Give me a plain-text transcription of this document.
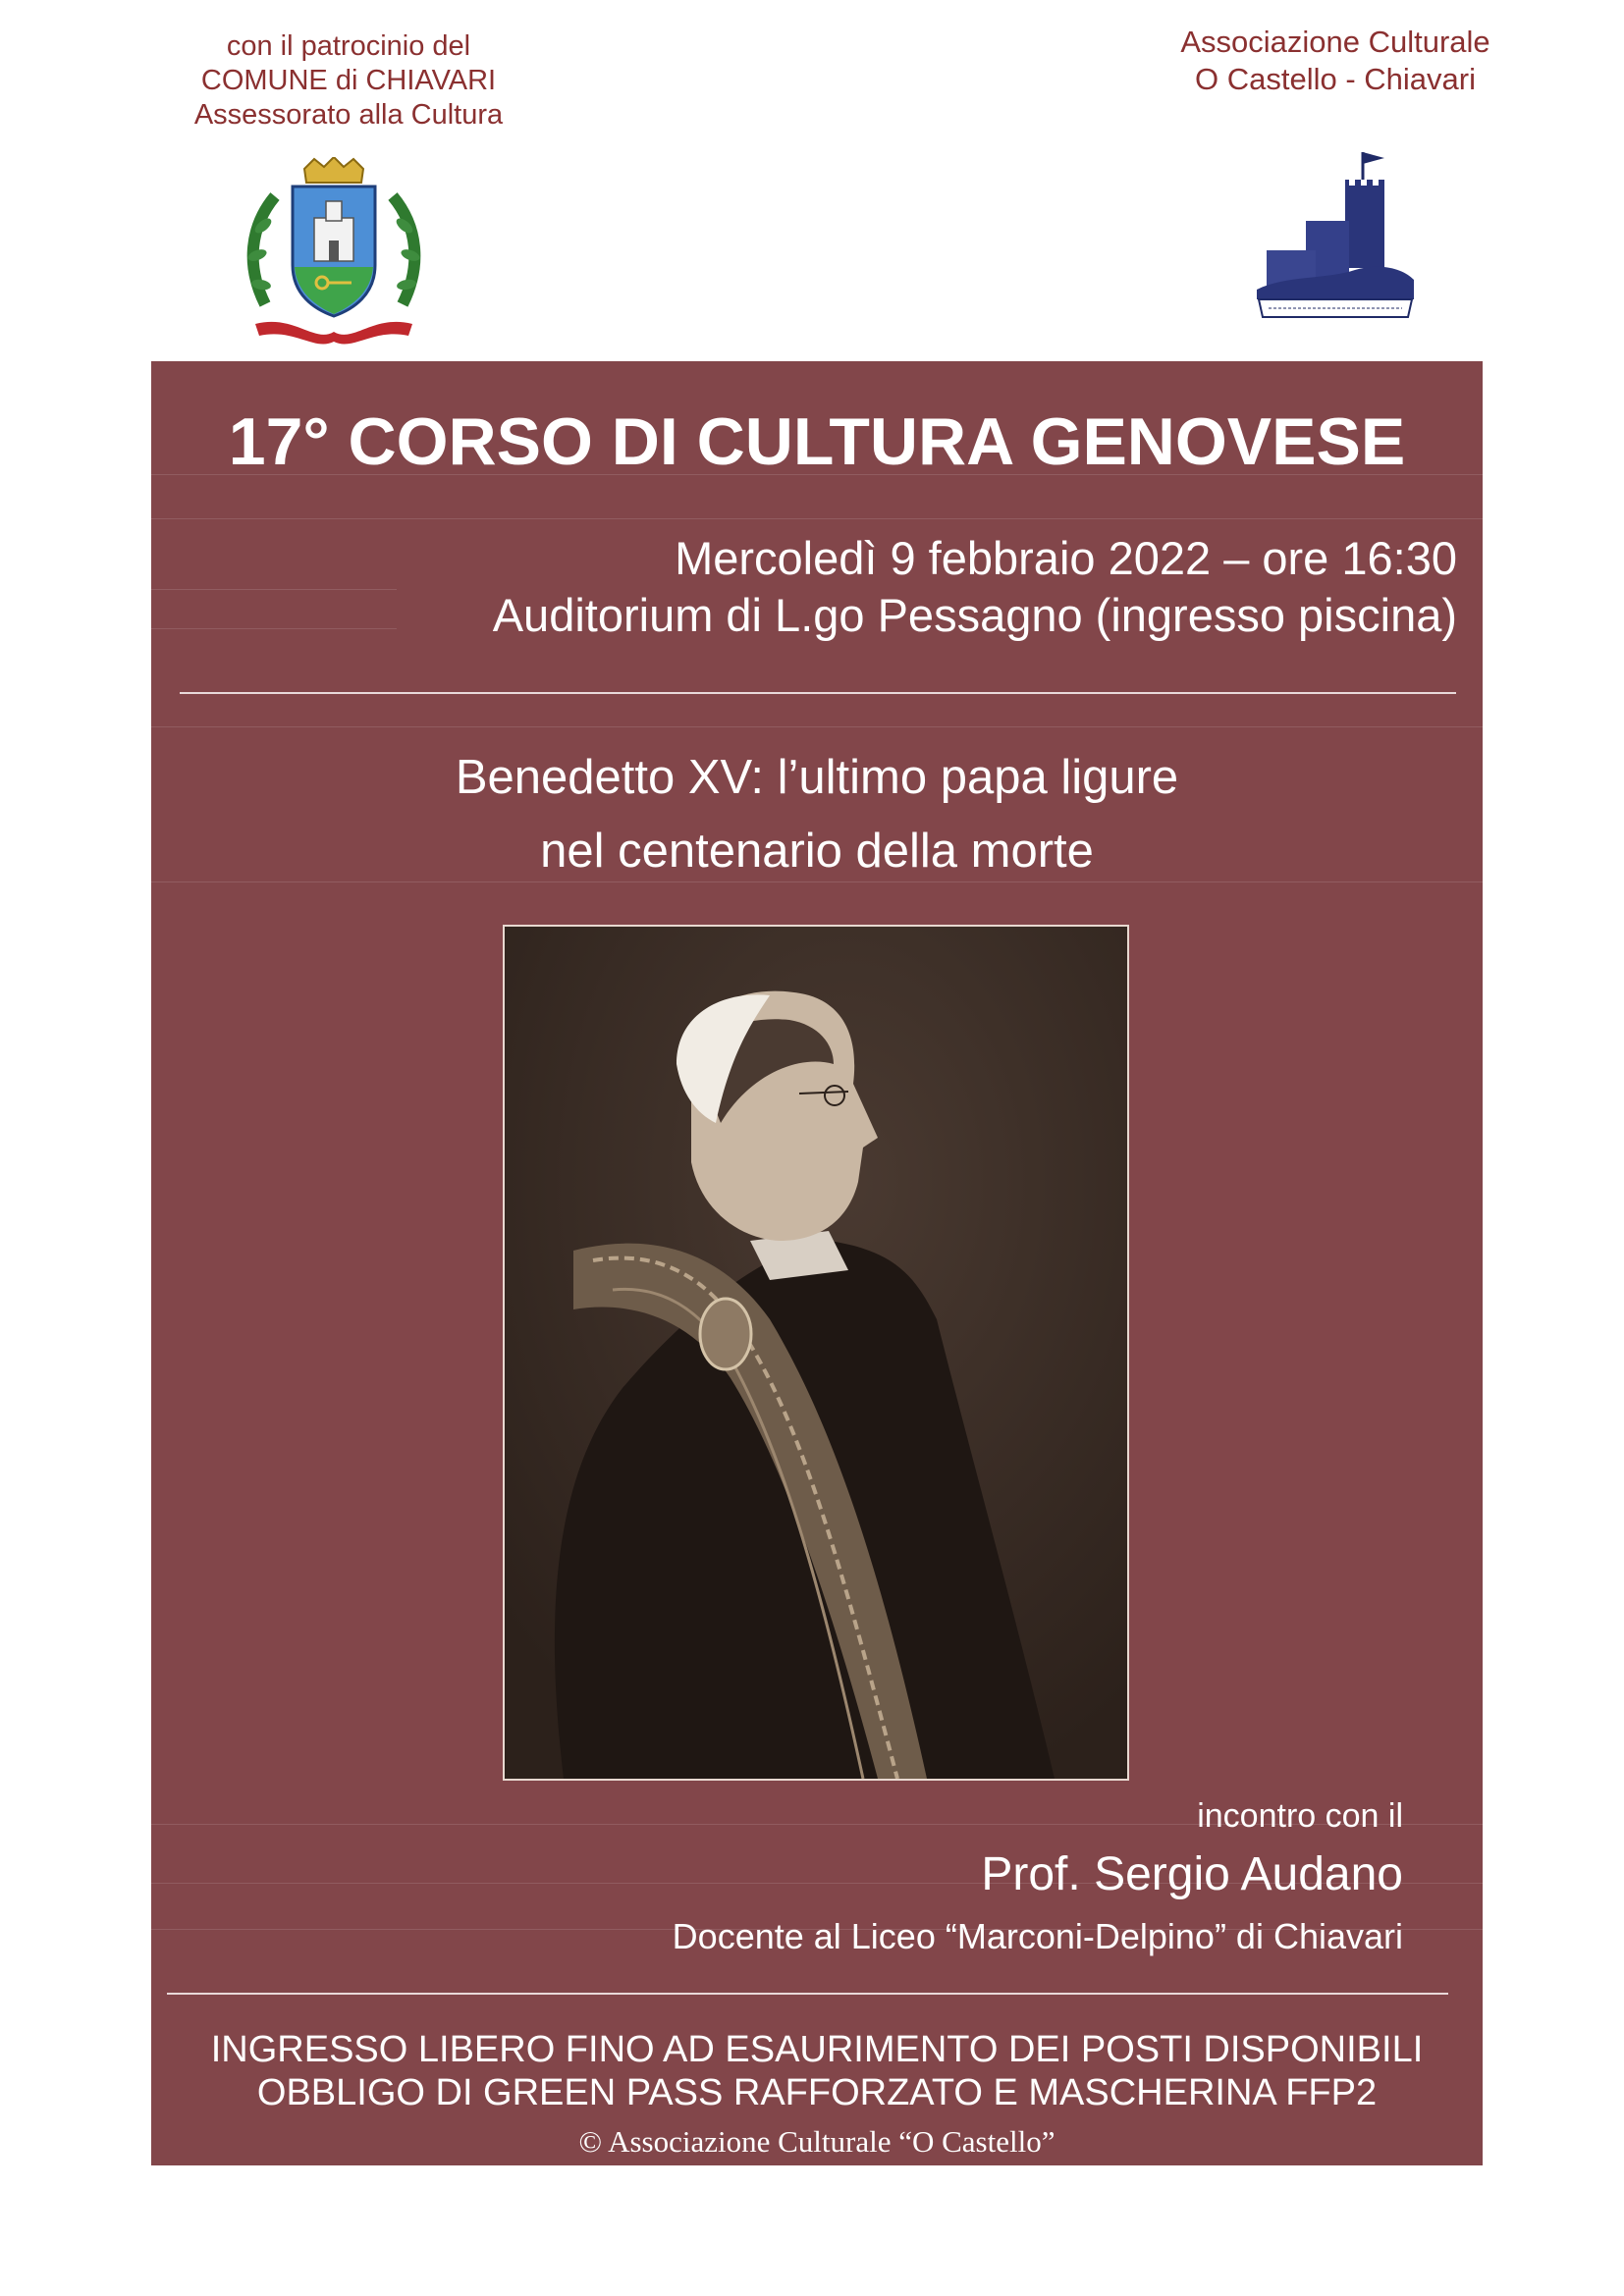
con il patrocinio del
COMUNE di CHIAVARI
Assessorato alla Cultura
Associazione Culturale
O Castello - Chiavari
17° CORSO DI CULTURA GENOVESE
Mercoledì 9 febbraio 2022 – ore 16:30
Auditorium di L.go Pessagno (ingresso piscina)
Benedetto XV: l’ultimo papa ligure
nel centenario della morte
incontro con il
Prof. Sergio Audano
Docente al Liceo “Marconi-Delpino” di Chiavari
INGRESSO LIBERO FINO AD ESAURIMENTO DEI POSTI DISPONIBILI
OBBLIGO DI GREEN PASS RAFFORZATO E MASCHERINA FFP2
© Associazione Culturale “O Castello”
